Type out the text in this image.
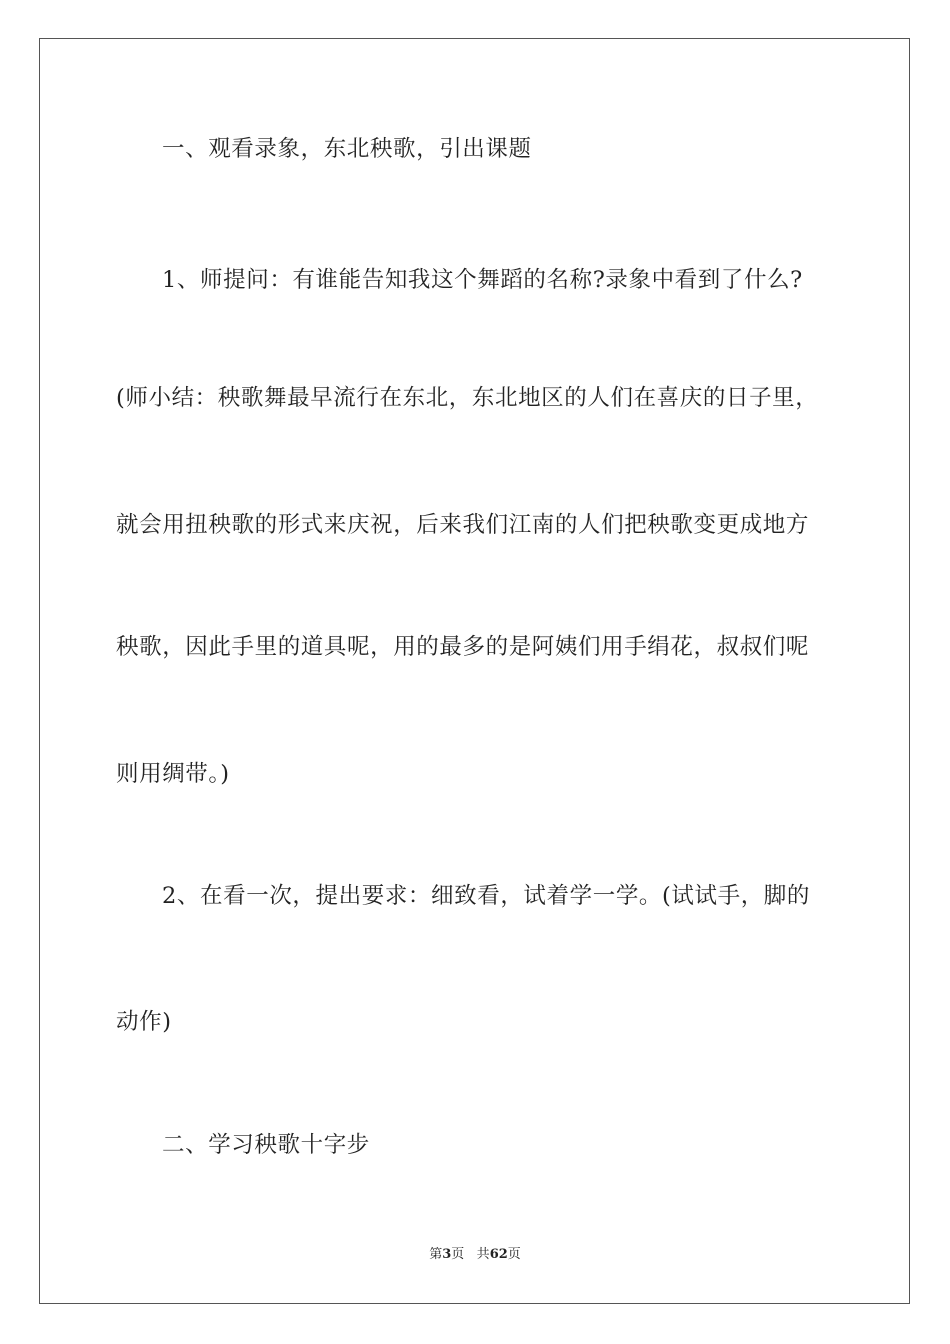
一、观看录象，东北秧歌，引出课题
1、师提问：有谁能告知我这个舞蹈的名称?录象中看到了什么?
(师小结：秧歌舞最早流行在东北，东北地区的人们在喜庆的日子里，
就会用扭秧歌的形式来庆祝，后来我们江南的人们把秧歌变更成地方
秧歌，因此手里的道具呢，用的最多的是阿姨们用手绢花，叔叔们呢
则用绸带。)
2、在看一次，提出要求：细致看，试着学一学。(试试手，脚的
动作)
二、学习秧歌十字步
第3页 共62页
